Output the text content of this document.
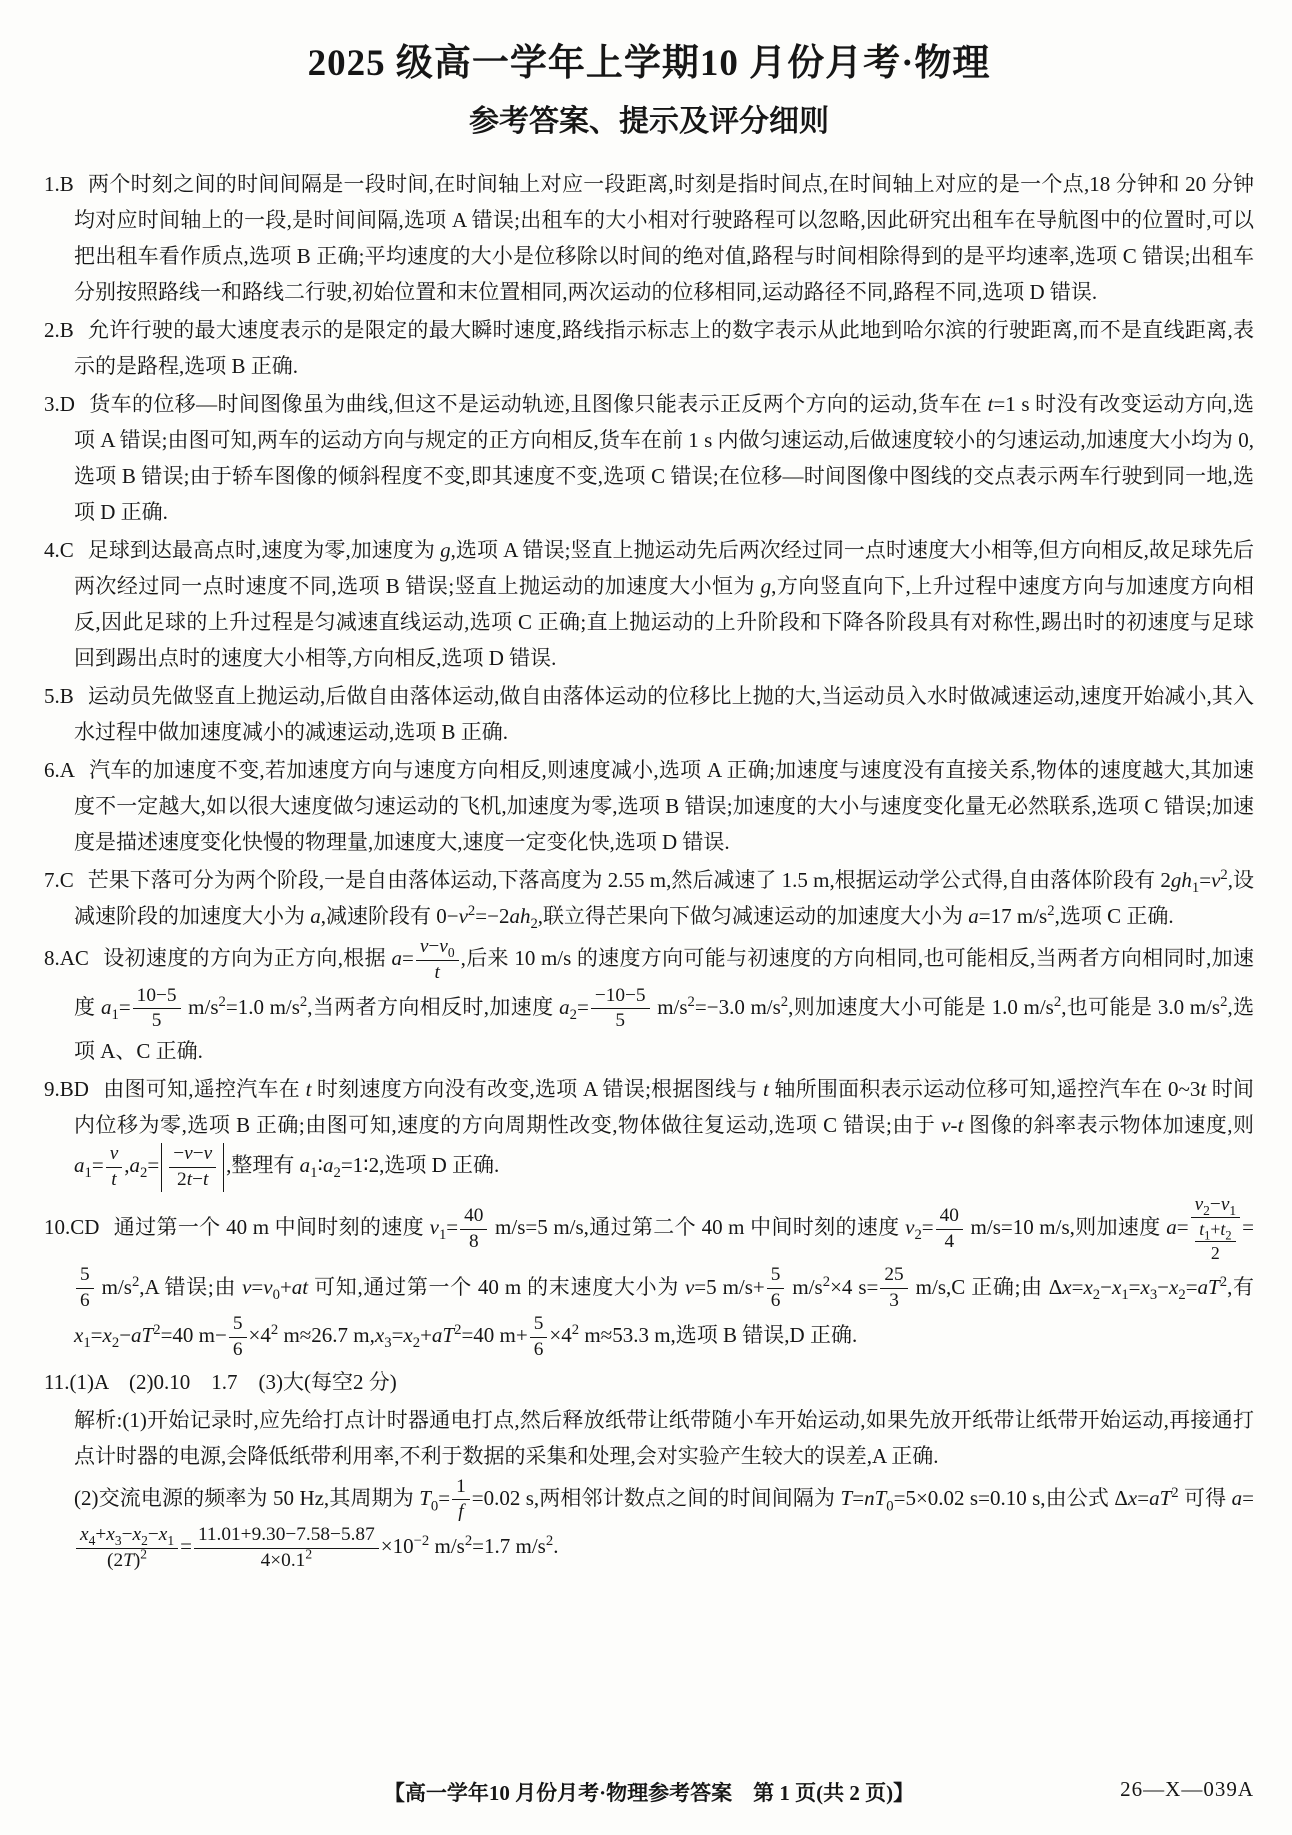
2025 级高一学年上学期10 月份月考·物理
参考答案、提示及评分细则
1.B 两个时刻之间的时间间隔是一段时间,在时间轴上对应一段距离,时刻是指时间点,在时间轴上对应的是一个点,18 分钟和 20 分钟均对应时间轴上的一段,是时间间隔,选项 A 错误;出租车的大小相对行驶路程可以忽略,因此研究出租车在导航图中的位置时,可以把出租车看作质点,选项 B 正确;平均速度的大小是位移除以时间的绝对值,路程与时间相除得到的是平均速率,选项 C 错误;出租车分别按照路线一和路线二行驶,初始位置和末位置相同,两次运动的位移相同,运动路径不同,路程不同,选项 D 错误.
2.B 允许行驶的最大速度表示的是限定的最大瞬时速度,路线指示标志上的数字表示从此地到哈尔滨的行驶距离,而不是直线距离,表示的是路程,选项 B 正确.
3.D 货车的位移—时间图像虽为曲线,但这不是运动轨迹,且图像只能表示正反两个方向的运动,货车在 t=1 s 时没有改变运动方向,选项 A 错误;由图可知,两车的运动方向与规定的正方向相反,货车在前 1 s 内做匀速运动,后做速度较小的匀速运动,加速度大小均为 0,选项 B 错误;由于轿车图像的倾斜程度不变,即其速度不变,选项 C 错误;在位移—时间图像中图线的交点表示两车行驶到同一地,选项 D 正确.
4.C 足球到达最高点时,速度为零,加速度为 g,选项 A 错误;竖直上抛运动先后两次经过同一点时速度大小相等,但方向相反,故足球先后两次经过同一点时速度不同,选项 B 错误;竖直上抛运动的加速度大小恒为 g,方向竖直向下,上升过程中速度方向与加速度方向相反,因此足球的上升过程是匀减速直线运动,选项 C 正确;直上抛运动的上升阶段和下降各阶段具有对称性,踢出时的初速度与足球回到踢出点时的速度大小相等,方向相反,选项 D 错误.
5.B 运动员先做竖直上抛运动,后做自由落体运动,做自由落体运动的位移比上抛的大,当运动员入水时做减速运动,速度开始减小,其入水过程中做加速度减小的减速运动,选项 B 正确.
6.A 汽车的加速度不变,若加速度方向与速度方向相反,则速度减小,选项 A 正确;加速度与速度没有直接关系,物体的速度越大,其加速度不一定越大,如以很大速度做匀速运动的飞机,加速度为零,选项 B 错误;加速度的大小与速度变化量无必然联系,选项 C 错误;加速度是描述速度变化快慢的物理量,加速度大,速度一定变化快,选项 D 错误.
7.C 芒果下落可分为两个阶段,一是自由落体运动,下落高度为 2.55 m,然后减速了 1.5 m,根据运动学公式得,自由落体阶段有 $2gh_1=v^2$,设减速阶段的加速度大小为 a,减速阶段有 $0-v^2=-2ah_2$,联立得芒果向下做匀减速运动的加速度大小为 a=17 $m/s^2$,选项 C 正确.
8.AC 设初速度的方向为正方向,根据 $a= \frac{v-v_0}{t}$ ,后来 10 m/s 的速度方向可能与初速度的方向相同,也可能相反,当两者方向相同时,加速度 $a_1= \frac{10-5}{5} m/s^2=1.0$ $m/s^2$,当两者方向相反时,加速度 $a_2= \frac{-10-5}{5} m/s^2=-3.0$ $m/s^2$,则加速度大小可能是 1.0 $m/s^2$,也可能是 3.0 $m/s^2$,选项 A、C 正确.
9.BD 由图可知,遥控汽车在 t 时刻速度方向没有改变,选项 A 错误;根据图线与 t 轴所围面积表示运动位移可知,遥控汽车在 0~3t 时间内位移为零,选项 B 正确;由图可知,速度的方向周期性改变,物体做往复运动,选项 C 错误;由于 v-t 图像的斜率表示物体加速度,则 $a_1= \frac{v}{t} ,a_2= \frac{-v-v}{2t-t}$ ,整理有 $a_1∶a_2=1∶2$,选项 D 正确.
10.CD 通过第一个 40 m 中间时刻的速度 $v_1= \frac{40}{8} m/s=5$ m/s,通过第二个 40 m 中间时刻的速度 $v_2= \frac{40}{4} m/s=10$ m/s,则加速度 $a= \frac{v_2-v_1}{\frac{t_1+t_2}{2}}$ =
$\frac{5}{6} m/s^2,A$ 错误;由 $v=v_0+at$ 可知,通过第一个 40 m 的末速度大小为 v=5 $m/s+ \frac{5}{6} m/s^2\times 4$ $s= \frac{25}{3} m/s,C$ 正确;由 $\Delta x=x_2-x_1=x_3-x_2=aT^2$,有 $x_1=x_2-aT^2=40$ $m- \frac{5}{6} \times 4^2$ m≈26.7 $m,x_3=x_2+aT^2=40$ $m+ \frac{5}{6} \times 4^2$ m≈53.3 m,选项 B 错误,D 正确.
11.(1)A　(2)0.10　1.7　(3)大(每空2 分)
解析:(1)开始记录时,应先给打点计时器通电打点,然后释放纸带让纸带随小车开始运动,如果先放开纸带让纸带开始运动,再接通打点计时器的电源,会降低纸带利用率,不利于数据的采集和处理,会对实验产生较大的误差,A 正确.
(2)交流电源的频率为 50 Hz,其周期为 $T_0= \frac{1}{f} =0.02$ s,两相邻计数点之间的时间间隔为 $T=nT_0=5\times 0.02$ s=0.10 s,由公式 $\Delta x=aT^2$ 可得 a=
$\frac{x_4+x_3-x_2-x_1}{(2T)^2} = \frac{11.01+9.30-7.58-5.87}{4\times 0.1^2} \times 10^{-2}$ $m/s^2=1.7$ $m/s^2$.
【高一学年10 月份月考·物理参考答案　第 1 页(共 2 页)】	26—X—039A
